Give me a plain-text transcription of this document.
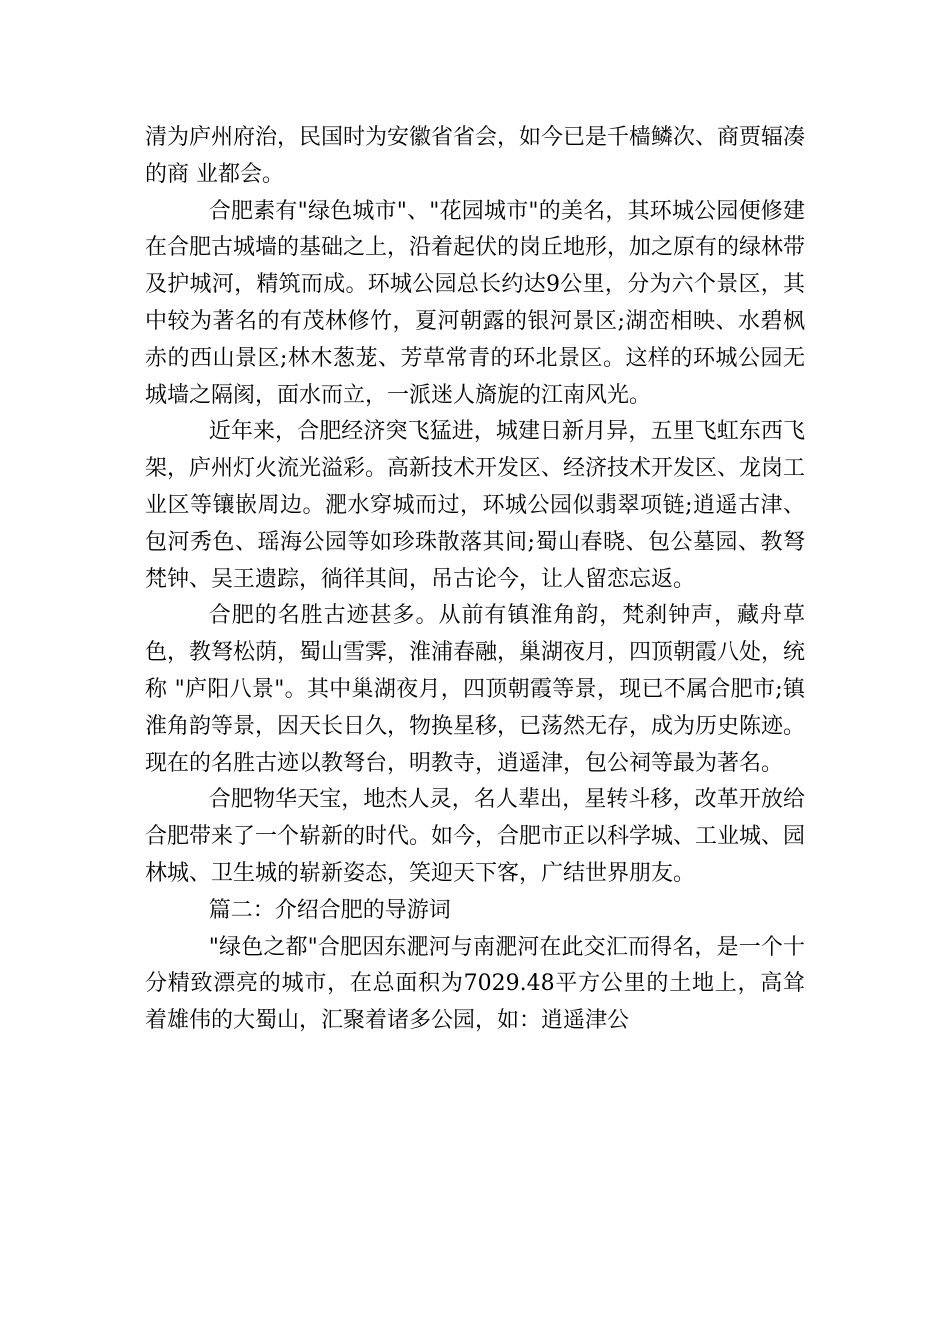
清为庐州府治，民国时为安徽省省会，如今已是千樯鳞次、商贾辐凑的商 业都会。

合肥素有"绿色城市"、"花园城市"的美名，其环城公园便修建在合肥古城墙的基础之上，沿着起伏的岗丘地形，加之原有的绿林带及护城河，精筑而成。环城公园总长约达9公里，分为六个景区，其中较为著名的有茂林修竹，夏河朝露的银河景区;湖峦相映、水碧枫赤的西山景区;林木葱茏、芳草常青的环北景区。这样的环城公园无城墙之隔阂，面水而立，一派迷人旖旎的江南风光。

近年来，合肥经济突飞猛进，城建日新月异，五里飞虹东西飞架，庐州灯火流光溢彩。高新技术开发区、经济技术开发区、龙岗工业区等镶嵌周边。淝水穿城而过，环城公园似翡翠项链;逍遥古津、包河秀色、瑶海公园等如珍珠散落其间;蜀山春晓、包公墓园、教弩梵钟、吴王遗踪，徜徉其间，吊古论今，让人留恋忘返。

合肥的名胜古迹甚多。从前有镇淮角韵，梵刹钟声，藏舟草色，教弩松荫，蜀山雪霁，淮浦春融，巢湖夜月，四顶朝霞八处，统称 "庐阳八景"。其中巢湖夜月，四顶朝霞等景，现已不属合肥市;镇淮角韵等景，因天长日久，物换星移，已荡然无存，成为历史陈迹。现在的名胜古迹以教弩台，明教寺，逍遥津，包公祠等最为著名。

合肥物华天宝，地杰人灵，名人辈出，星转斗移，改革开放给合肥带来了一个崭新的时代。如今，合肥市正以科学城、工业城、园林城、卫生城的崭新姿态，笑迎天下客，广结世界朋友。

篇二：介绍合肥的导游词

"绿色之都"合肥因东淝河与南淝河在此交汇而得名，是一个十分精致漂亮的城市，在总面积为7029.48平方公里的土地上，高耸着雄伟的大蜀山，汇聚着诸多公园，如：逍遥津公
